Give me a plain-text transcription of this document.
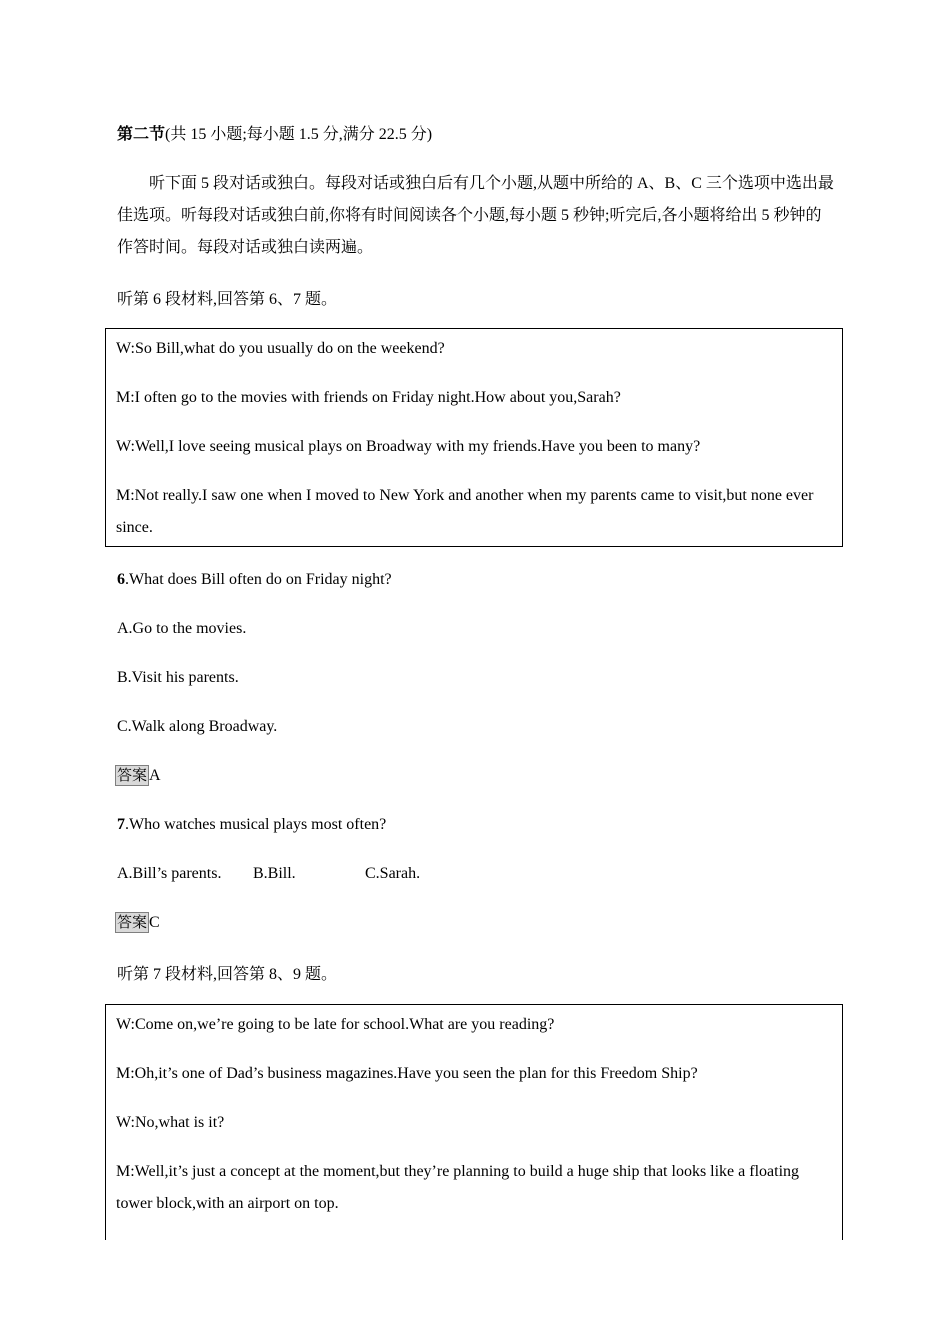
第二节(共 15 小题;每小题 1.5 分,满分 22.5 分)
听下面 5 段对话或独白。每段对话或独白后有几个小题,从题中所给的 A、B、C 三个选项中选出最佳选项。听每段对话或独白前,你将有时间阅读各个小题,每小题 5 秒钟;听完后,各小题将给出 5 秒钟的作答时间。每段对话或独白读两遍。
听第 6 段材料,回答第 6、7 题。
W:So Bill,what do you usually do on the weekend?
M:I often go to the movies with friends on Friday night.How about you,Sarah?
W:Well,I love seeing musical plays on Broadway with my friends.Have you been to many?
M:Not really.I saw one when I moved to New York and another when my parents came to visit,but none ever since.
6.What does Bill often do on Friday night?
A.Go to the movies.
B.Visit his parents.
C.Walk along Broadway.
答案 A
7.Who watches musical plays most often?
A.Bill’s parents. B.Bill.	C.Sarah.
答案 C
听第 7 段材料,回答第 8、9 题。
W:Come on,we’re going to be late for school.What are you reading?
M:Oh,it’s one of Dad’s business magazines.Have you seen the plan for this Freedom Ship?
W:No,what is it?
M:Well,it’s just a concept at the moment,but they’re planning to build a huge ship that looks like a floating tower block,with an airport on top.
